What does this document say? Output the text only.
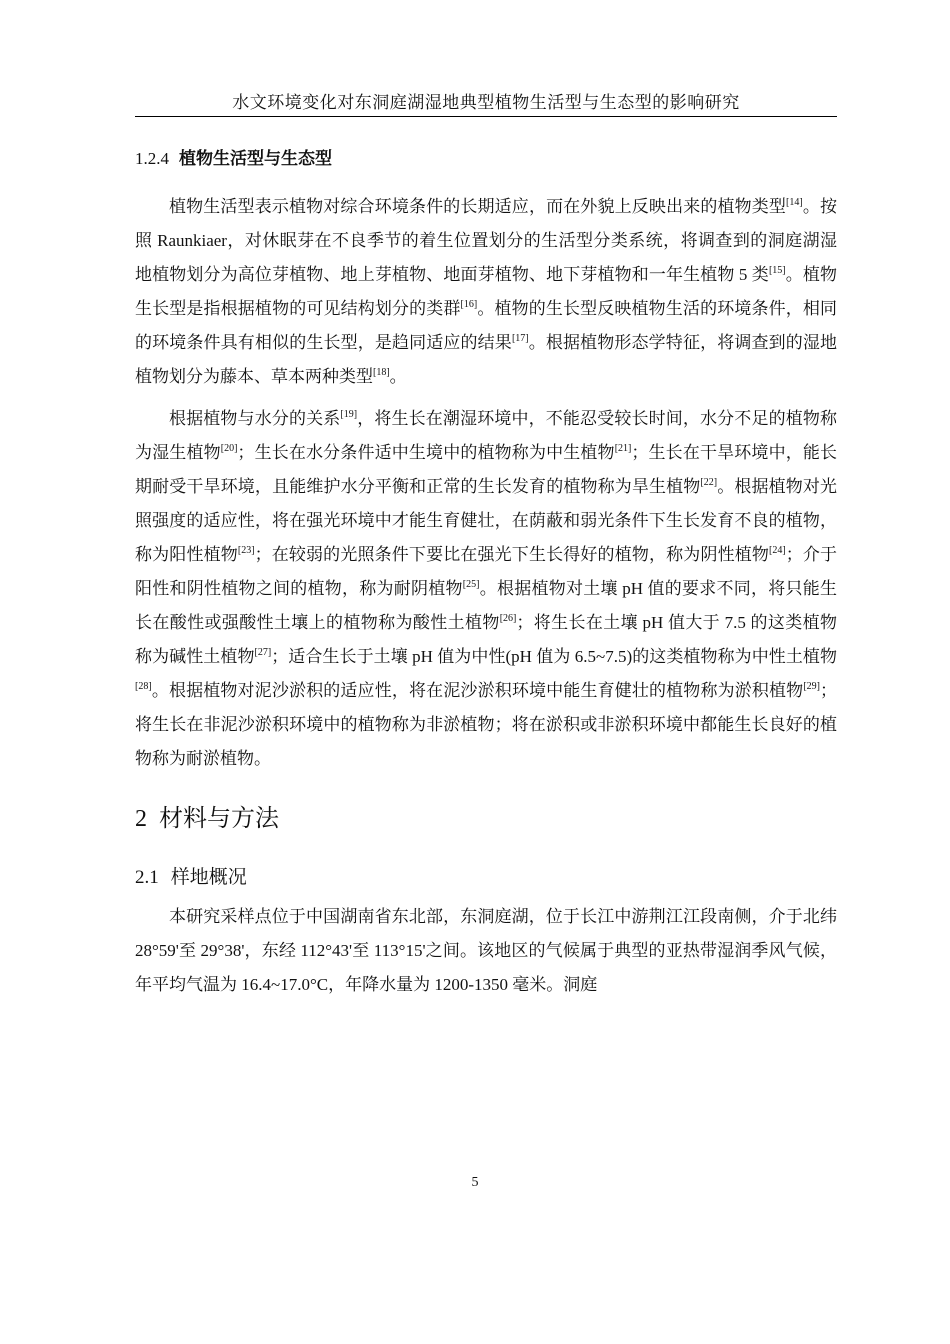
水文环境变化对东洞庭湖湿地典型植物生活型与生态型的影响研究
1.2.4 植物生活型与生态型

植物生活型表示植物对综合环境条件的长期适应，而在外貌上反映出来的植物类型[14]。按照 Raunkiaer，对休眠芽在不良季节的着生位置划分的生活型分类系统，将调查到的洞庭湖湿地植物划分为高位芽植物、地上芽植物、地面芽植物、地下芽植物和一年生植物 5 类[15]。植物生长型是指根据植物的可见结构划分的类群[16]。植物的生长型反映植物生活的环境条件，相同的环境条件具有相似的生长型，是趋同适应的结果[17]。根据植物形态学特征，将调查到的湿地植物划分为藤本、草本两种类型[18]。

根据植物与水分的关系[19]，将生长在潮湿环境中，不能忍受较长时间，水分不足的植物称为湿生植物[20]；生长在水分条件适中生境中的植物称为中生植物[21]；生长在干旱环境中，能长期耐受干旱环境，且能维护水分平衡和正常的生长发育的植物称为旱生植物[22]。根据植物对光照强度的适应性，将在强光环境中才能生育健壮，在荫蔽和弱光条件下生长发育不良的植物，称为阳性植物[23]；在较弱的光照条件下要比在强光下生长得好的植物，称为阴性植物[24]；介于阳性和阴性植物之间的植物，称为耐阴植物[25]。根据植物对土壤 pH 值的要求不同，将只能生长在酸性或强酸性土壤上的植物称为酸性土植物[26]；将生长在土壤 pH 值大于 7.5 的这类植物称为碱性土植物[27]；适合生长于土壤 pH 值为中性(pH 值为 6.5~7.5)的这类植物称为中性土植物[28]。根据植物对泥沙淤积的适应性，将在泥沙淤积环境中能生育健壮的植物称为淤积植物[29]；将生长在非泥沙淤积环境中的植物称为非淤植物；将在淤积或非淤积环境中都能生长良好的植物称为耐淤植物。

2 材料与方法
2.1 样地概况

本研究采样点位于中国湖南省东北部，东洞庭湖，位于长江中游荆江江段南侧，介于北纬 28°59'至 29°38'，东经 112°43'至 113°15'之间。该地区的气候属于典型的亚热带湿润季风气候，年平均气温为 16.4~17.0°C，年降水量为 1200-1350 毫米。洞庭

5
